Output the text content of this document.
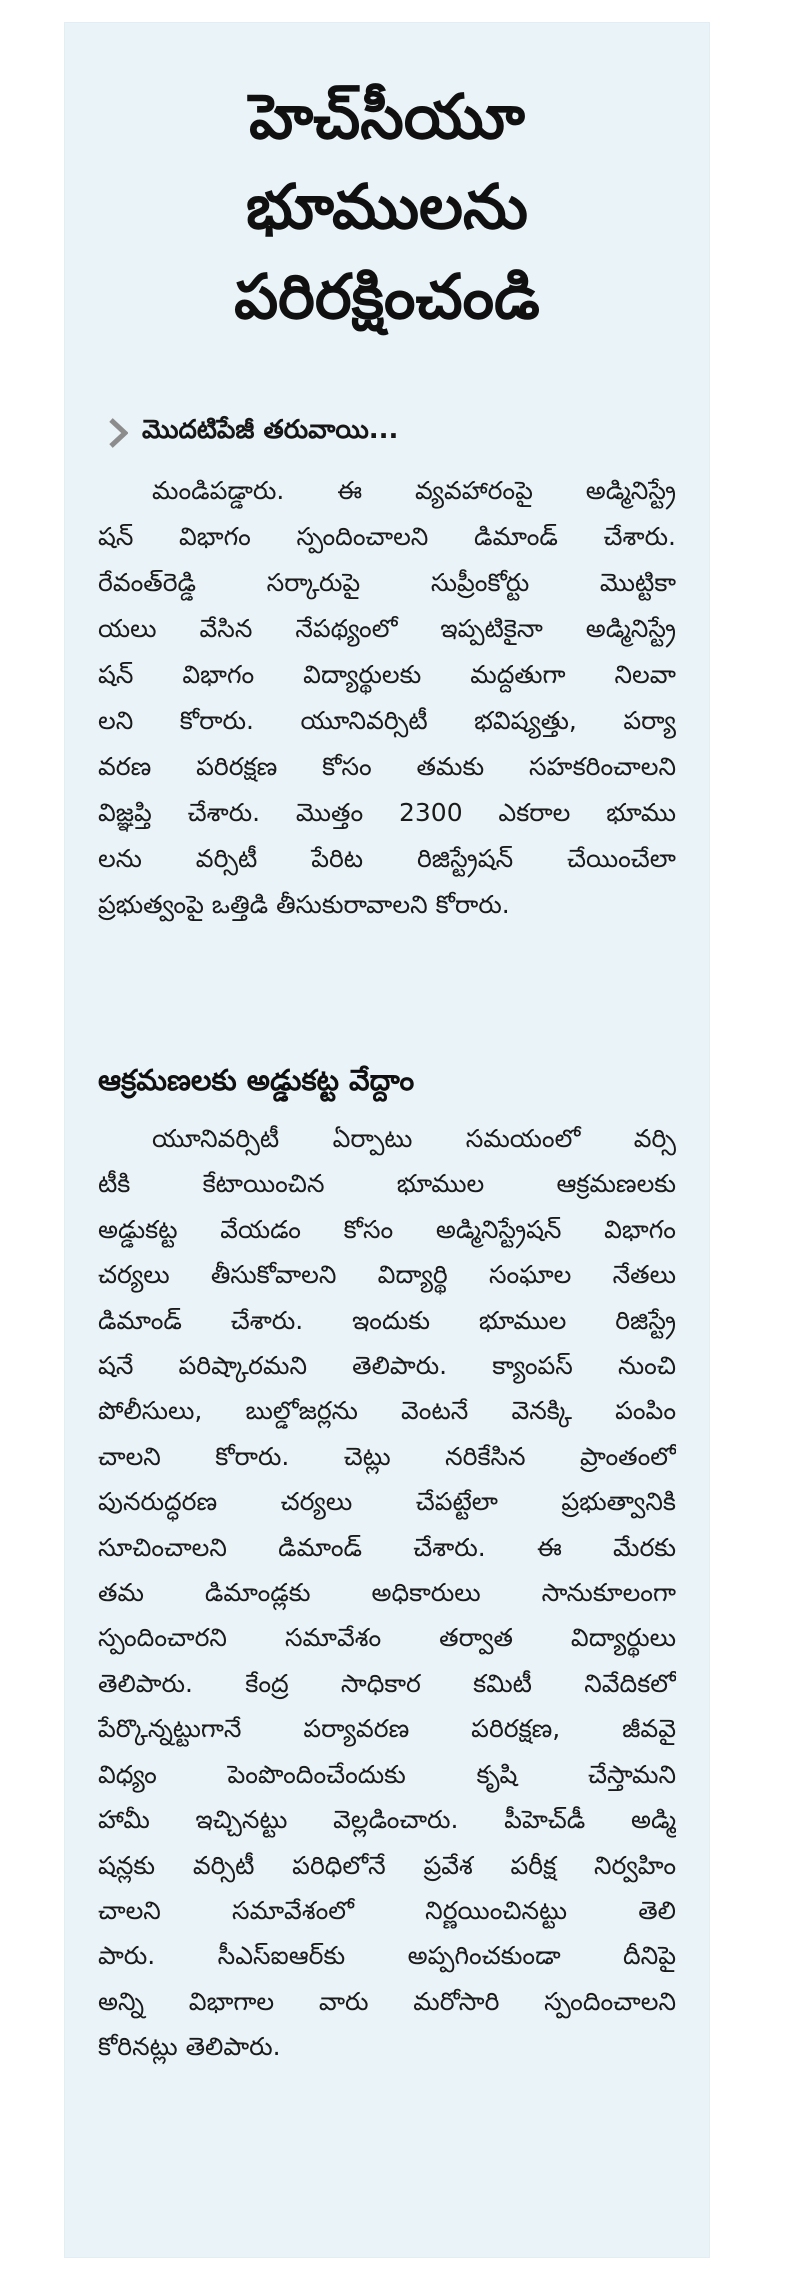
హెచ్‌సీయూ
భూములను
పరిరక్షించండి
మొదటిపేజీ తరువాయి...
మండిపడ్డారు. ఈ వ్యవహారంపై అడ్మినిస్ట్రే
షన్ విభాగం స్పందించాలని డిమాండ్ చేశారు.
రేవంత్‌రెడ్డి సర్కారుపై సుప్రీంకోర్టు మొట్టికా
యలు వేసిన నేపథ్యంలో ఇప్పటికైనా అడ్మినిస్ట్రే
షన్ విభాగం విద్యార్థులకు మద్దతుగా నిలవా
లని కోరారు. యూనివర్సిటీ భవిష్యత్తు, పర్యా
వరణ పరిరక్షణ కోసం తమకు సహకరించాలని
విజ్ఞప్తి చేశారు. మొత్తం 2300 ఎకరాల భూము
లను వర్సిటీ పేరిట రిజిస్ట్రేషన్ చేయించేలా
ప్రభుత్వంపై ఒత్తిడి తీసుకురావాలని కోరారు.
ఆక్రమణలకు అడ్డుకట్ట వేద్దాం
యూనివర్సిటీ ఏర్పాటు సమయంలో వర్సి
టీకి కేటాయించిన భూముల ఆక్రమణలకు
అడ్డుకట్ట వేయడం కోసం అడ్మినిస్ట్రేషన్ విభాగం
చర్యలు తీసుకోవాలని విద్యార్థి సంఘాల నేతలు
డిమాండ్ చేశారు. ఇందుకు భూముల రిజిస్ట్రే
షనే పరిష్కారమని తెలిపారు. క్యాంపస్ నుంచి
పోలీసులు, బుల్డోజర్లను వెంటనే వెనక్కి పంపిం
చాలని కోరారు. చెట్లు నరికేసిన ప్రాంతంలో
పునరుద్ధరణ చర్యలు చేపట్టేలా ప్రభుత్వానికి
సూచించాలని డిమాండ్ చేశారు. ఈ మేరకు
తమ డిమాండ్లకు అధికారులు సానుకూలంగా
స్పందించారని సమావేశం తర్వాత విద్యార్థులు
తెలిపారు. కేంద్ర సాధికార కమిటీ నివేదికలో
పేర్కొన్నట్టుగానే పర్యావరణ పరిరక్షణ, జీవవై
విధ్యం పెంపొందించేందుకు కృషి చేస్తామని
హామీ ఇచ్చినట్టు వెల్లడించారు. పీహెచ్‌డీ అడ్మి
షన్లకు వర్సిటీ పరిధిలోనే ప్రవేశ పరీక్ష నిర్వహిం
చాలని సమావేశంలో నిర్ణయించినట్టు తెలి
పారు. సీఎస్ఐఆర్‌కు అప్పగించకుండా దీనిపై
అన్ని విభాగాల వారు మరోసారి స్పందించాలని
కోరినట్లు తెలిపారు.
